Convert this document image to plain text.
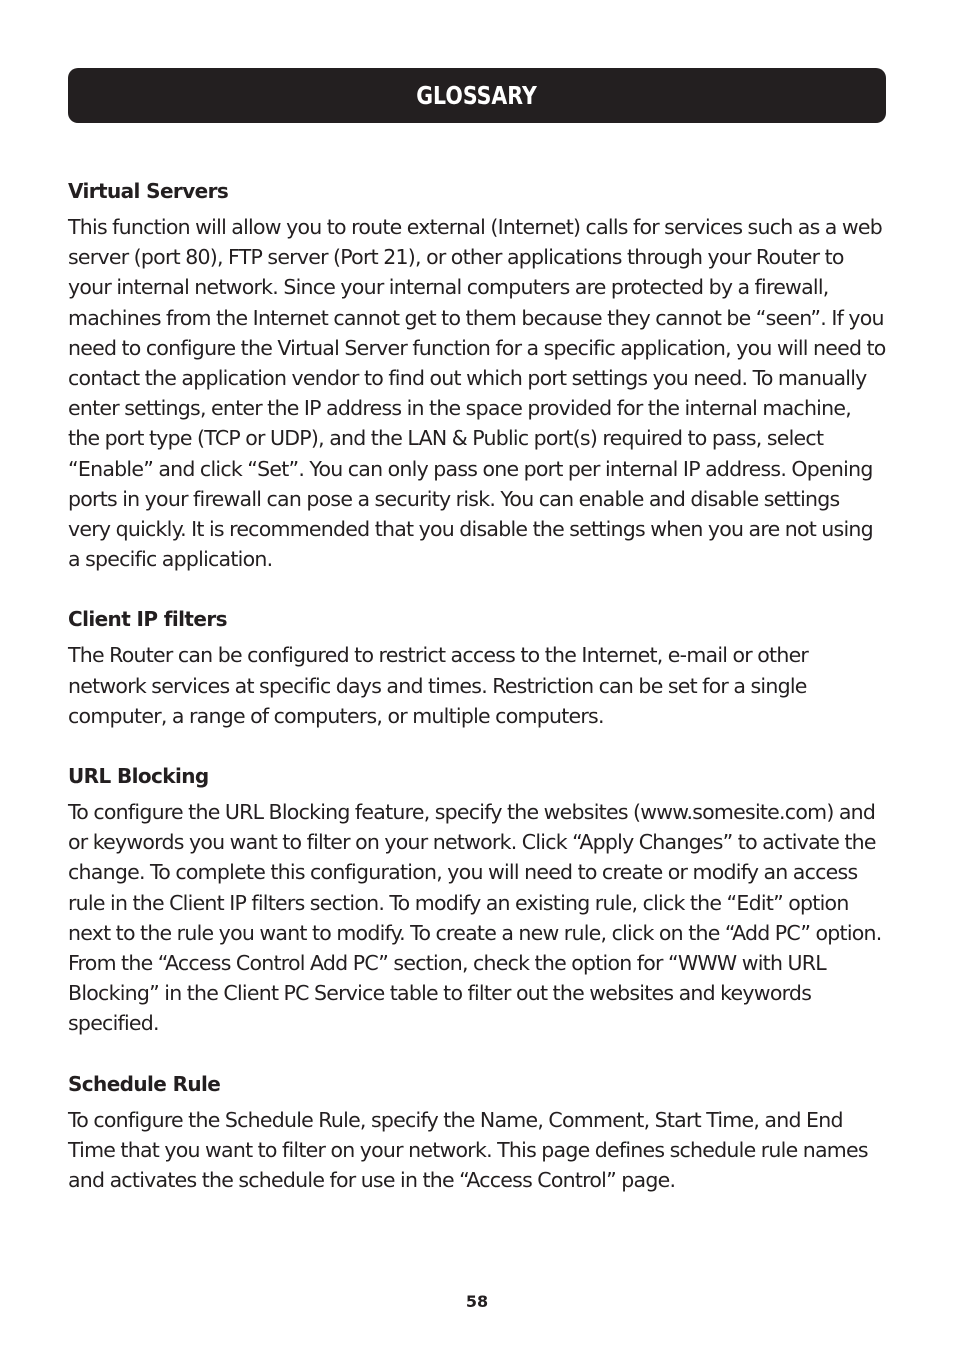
GLOSSARY
Virtual Servers

This function will allow you to route external (Internet) calls for services such as a web server (port 80), FTP server (Port 21), or other applications through your Router to your internal network. Since your internal computers are protected by a firewall, machines from the Internet cannot get to them because they cannot be “seen”. If you need to configure the Virtual Server function for a specific application, you will need to contact the application vendor to find out which port settings you need. To manually enter settings, enter the IP address in the space provided for the internal machine, the port type (TCP or UDP), and the LAN & Public port(s) required to pass, select “Enable” and click “Set”. You can only pass one port per internal IP address. Opening ports in your firewall can pose a security risk. You can enable and disable settings very quickly. It is recommended that you disable the settings when you are not using a specific application.

Client IP filters

The Router can be configured to restrict access to the Internet, e-mail or other network services at specific days and times. Restriction can be set for a single computer, a range of computers, or multiple computers.

URL Blocking

To configure the URL Blocking feature, specify the websites (www.somesite.com) and or keywords you want to filter on your network. Click “Apply Changes” to activate the change. To complete this configuration, you will need to create or modify an access rule in the Client IP filters section. To modify an existing rule, click the “Edit” option next to the rule you want to modify. To create a new rule, click on the “Add PC” option. From the “Access Control Add PC” section, check the option for “WWW with URL Blocking” in the Client PC Service table to filter out the websites and keywords specified.

Schedule Rule

To configure the Schedule Rule, specify the Name, Comment, Start Time, and End Time that you want to filter on your network. This page defines schedule rule names and activates the schedule for use in the “Access Control” page.

58
